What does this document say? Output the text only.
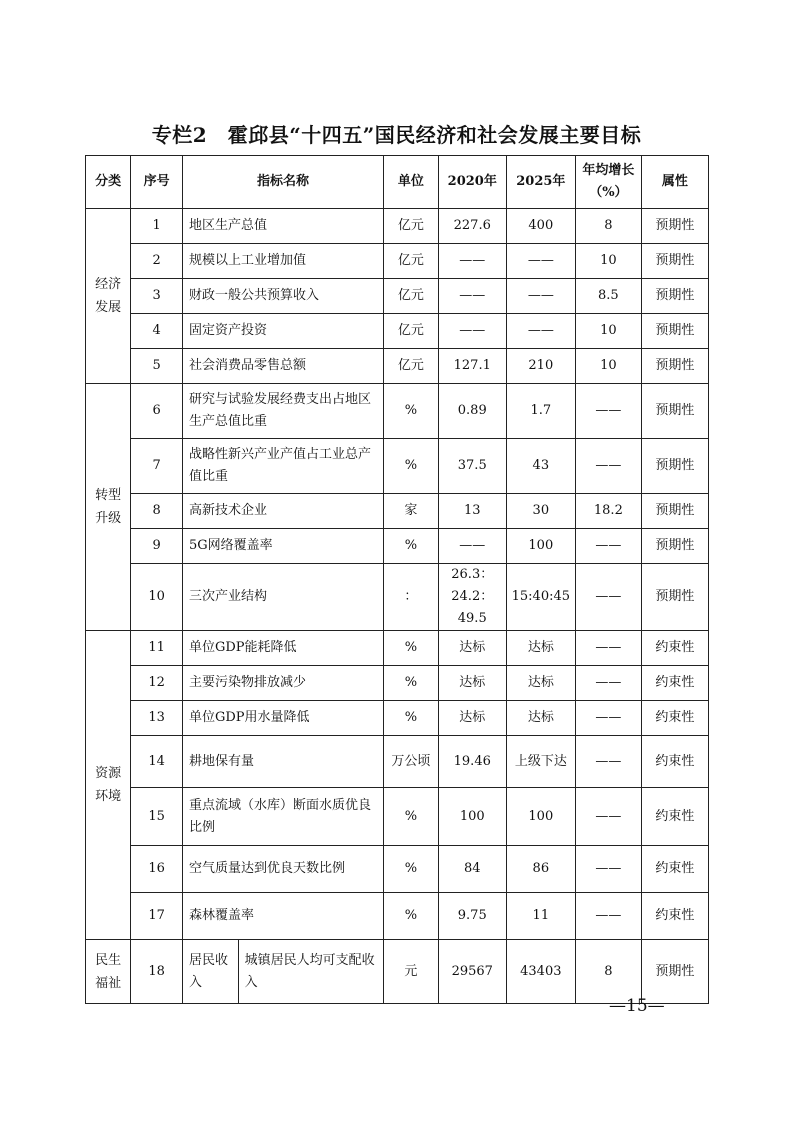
专栏2　霍邱县“十四五”国民经济和社会发展主要目标
分类	序号	指标名称		单位	2020年	2025年	年均增长（%）	属性
经济发展	1	地区生产总值		亿元	227.6	400	8	预期性
	2	规模以上工业增加值		亿元	——	——	10	预期性
	3	财政一般公共预算收入		亿元	——	——	8.5	预期性
	4	固定资产投资		亿元	——	——	10	预期性
	5	社会消费品零售总额		亿元	127.1	210	10	预期性
转型升级	6	研究与试验发展经费支出占地区生产总值比重		%	0.89	1.7	——	预期性
	7	战略性新兴产业产值占工业总产值比重		%	37.5	43	——	预期性
	8	高新技术企业		家	13	30	18.2	预期性
	9	5G网络覆盖率		%	——	100	——	预期性
	10	三次产业结构		：	26.3：24.2：49.5	15:40:45	——	预期性
资源环境	11	单位GDP能耗降低		%	达标	达标	——	约束性
	12	主要污染物排放减少		%	达标	达标	——	约束性
	13	单位GDP用水量降低		%	达标	达标	——	约束性
	14	耕地保有量		万公顷	19.46	上级下达	——	约束性
	15	重点流域（水库）断面水质优良比例		%	100	100	——	约束性
	16	空气质量达到优良天数比例		%	84	86	——	约束性
	17	森林覆盖率		%	9.75	11	——	约束性
民生福祉	18	居民收入	城镇居民人均可支配收入	元	29567	43403	8	预期性
—15—
